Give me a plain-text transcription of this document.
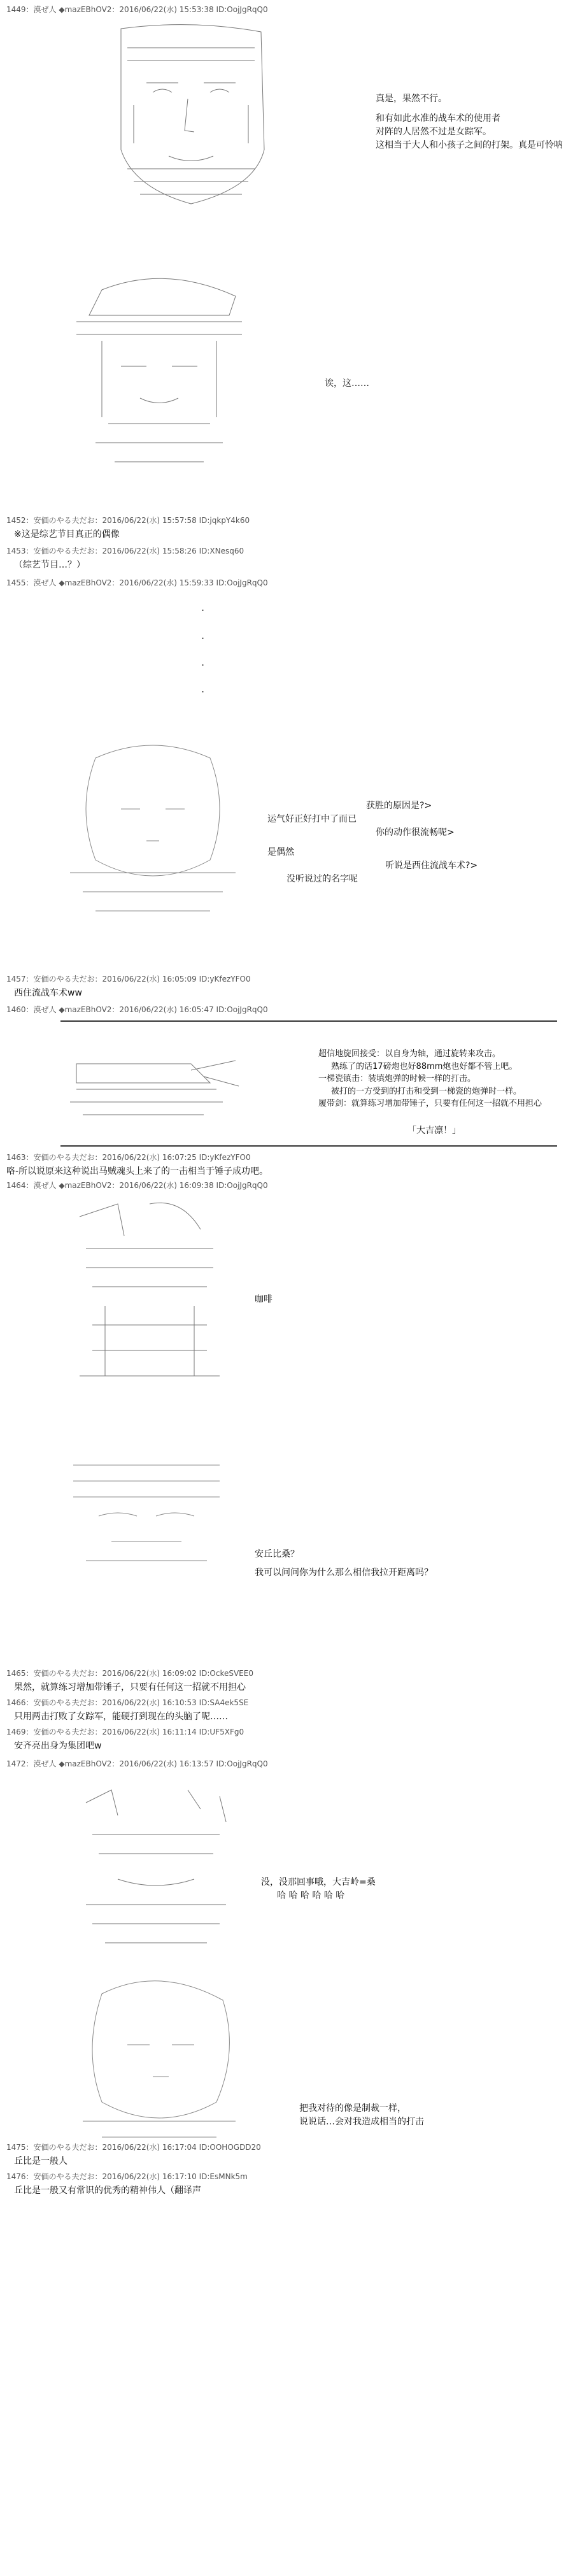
1449：漠ぜ人 ◆mazEBhOV2：2016/06/22(水) 15:53:38 ID:OojJgRqQ0
真是，果然不行。
和有如此水准的战车术的使用者
对阵的人居然不过是女踪军。
这相当于大人和小孩子之间的打架。真是可怜呐
诶，这……
1452：安価のやる夫だお：2016/06/22(水) 15:57:58 ID:jqkpY4k60
※这是综艺节目真正的偶像
1453：安価のやる夫だお：2016/06/22(水) 15:58:26 ID:XNesq60
（综艺节目…？）
1455：漠ぜ人 ◆mazEBhOV2：2016/06/22(水) 15:59:33 ID:OojJgRqQ0
.
.
.
.
获胜的原因是?>
运气好正好打中了而已
你的动作很流畅呢>
是偶然
听说是西住流战车术?>
没听说过的名字呢
1457：安価のやる夫だお：2016/06/22(水) 16:05:09 ID:yKfezYFO0
西住流战车术ww
1460：漠ぜ人 ◆mazEBhOV2：2016/06/22(水) 16:05:47 ID:OojJgRqQ0
超信地旋回接受：以自身为轴，通过旋转来攻击。
熟练了的话17磅炮也好88mm炮也好都不管上吧。
一梯瓷镇击：装填炮弹的时候一样的打击。
被打的一方受到的打击和受到一梯瓷的炮弹时一样。
履带剑：就算练习增加带锤子，只要有任何这一招就不用担心
「大吉凛！」
1463：安価のやる夫だお：2016/06/22(水) 16:07:25 ID:yKfezYFO0
咯-所以说原来这种说出马贼魂头上来了的一击相当于锤子成功吧。
1464：漠ぜ人 ◆mazEBhOV2：2016/06/22(水) 16:09:38 ID:OojJgRqQ0
咖啡
安丘比桑？
我可以问问你为什么那么相信我拉开距离吗？
1465：安価のやる夫だお：2016/06/22(水) 16:09:02 ID:OckeSVEE0
果然，就算练习增加带锤子，只要有任何这一招就不用担心
1466：安価のやる夫だお：2016/06/22(水) 16:10:53 ID:SA4ek5SE
只用两击打败了女踪军，能硬打到现在的头脑了呢……
1469：安価のやる夫だお：2016/06/22(水) 16:11:14 ID:UF5XFg0
安齐亮出身为集团吧w
1472：漠ぜ人 ◆mazEBhOV2：2016/06/22(水) 16:13:57 ID:OojJgRqQ0
没，没那回事哦，大吉岭=桑
哈 哈 哈 哈 哈 哈
把我对待的像是制裁一样，
说说话…会对我造成相当的打击
1475：安価のやる夫だお：2016/06/22(水) 16:17:04 ID:OOHOGDD20
丘比是一般人
1476：安価のやる夫だお：2016/06/22(水) 16:17:10 ID:EsMNk5m
丘比是一般又有常识的优秀的精神伟人（翻译声
